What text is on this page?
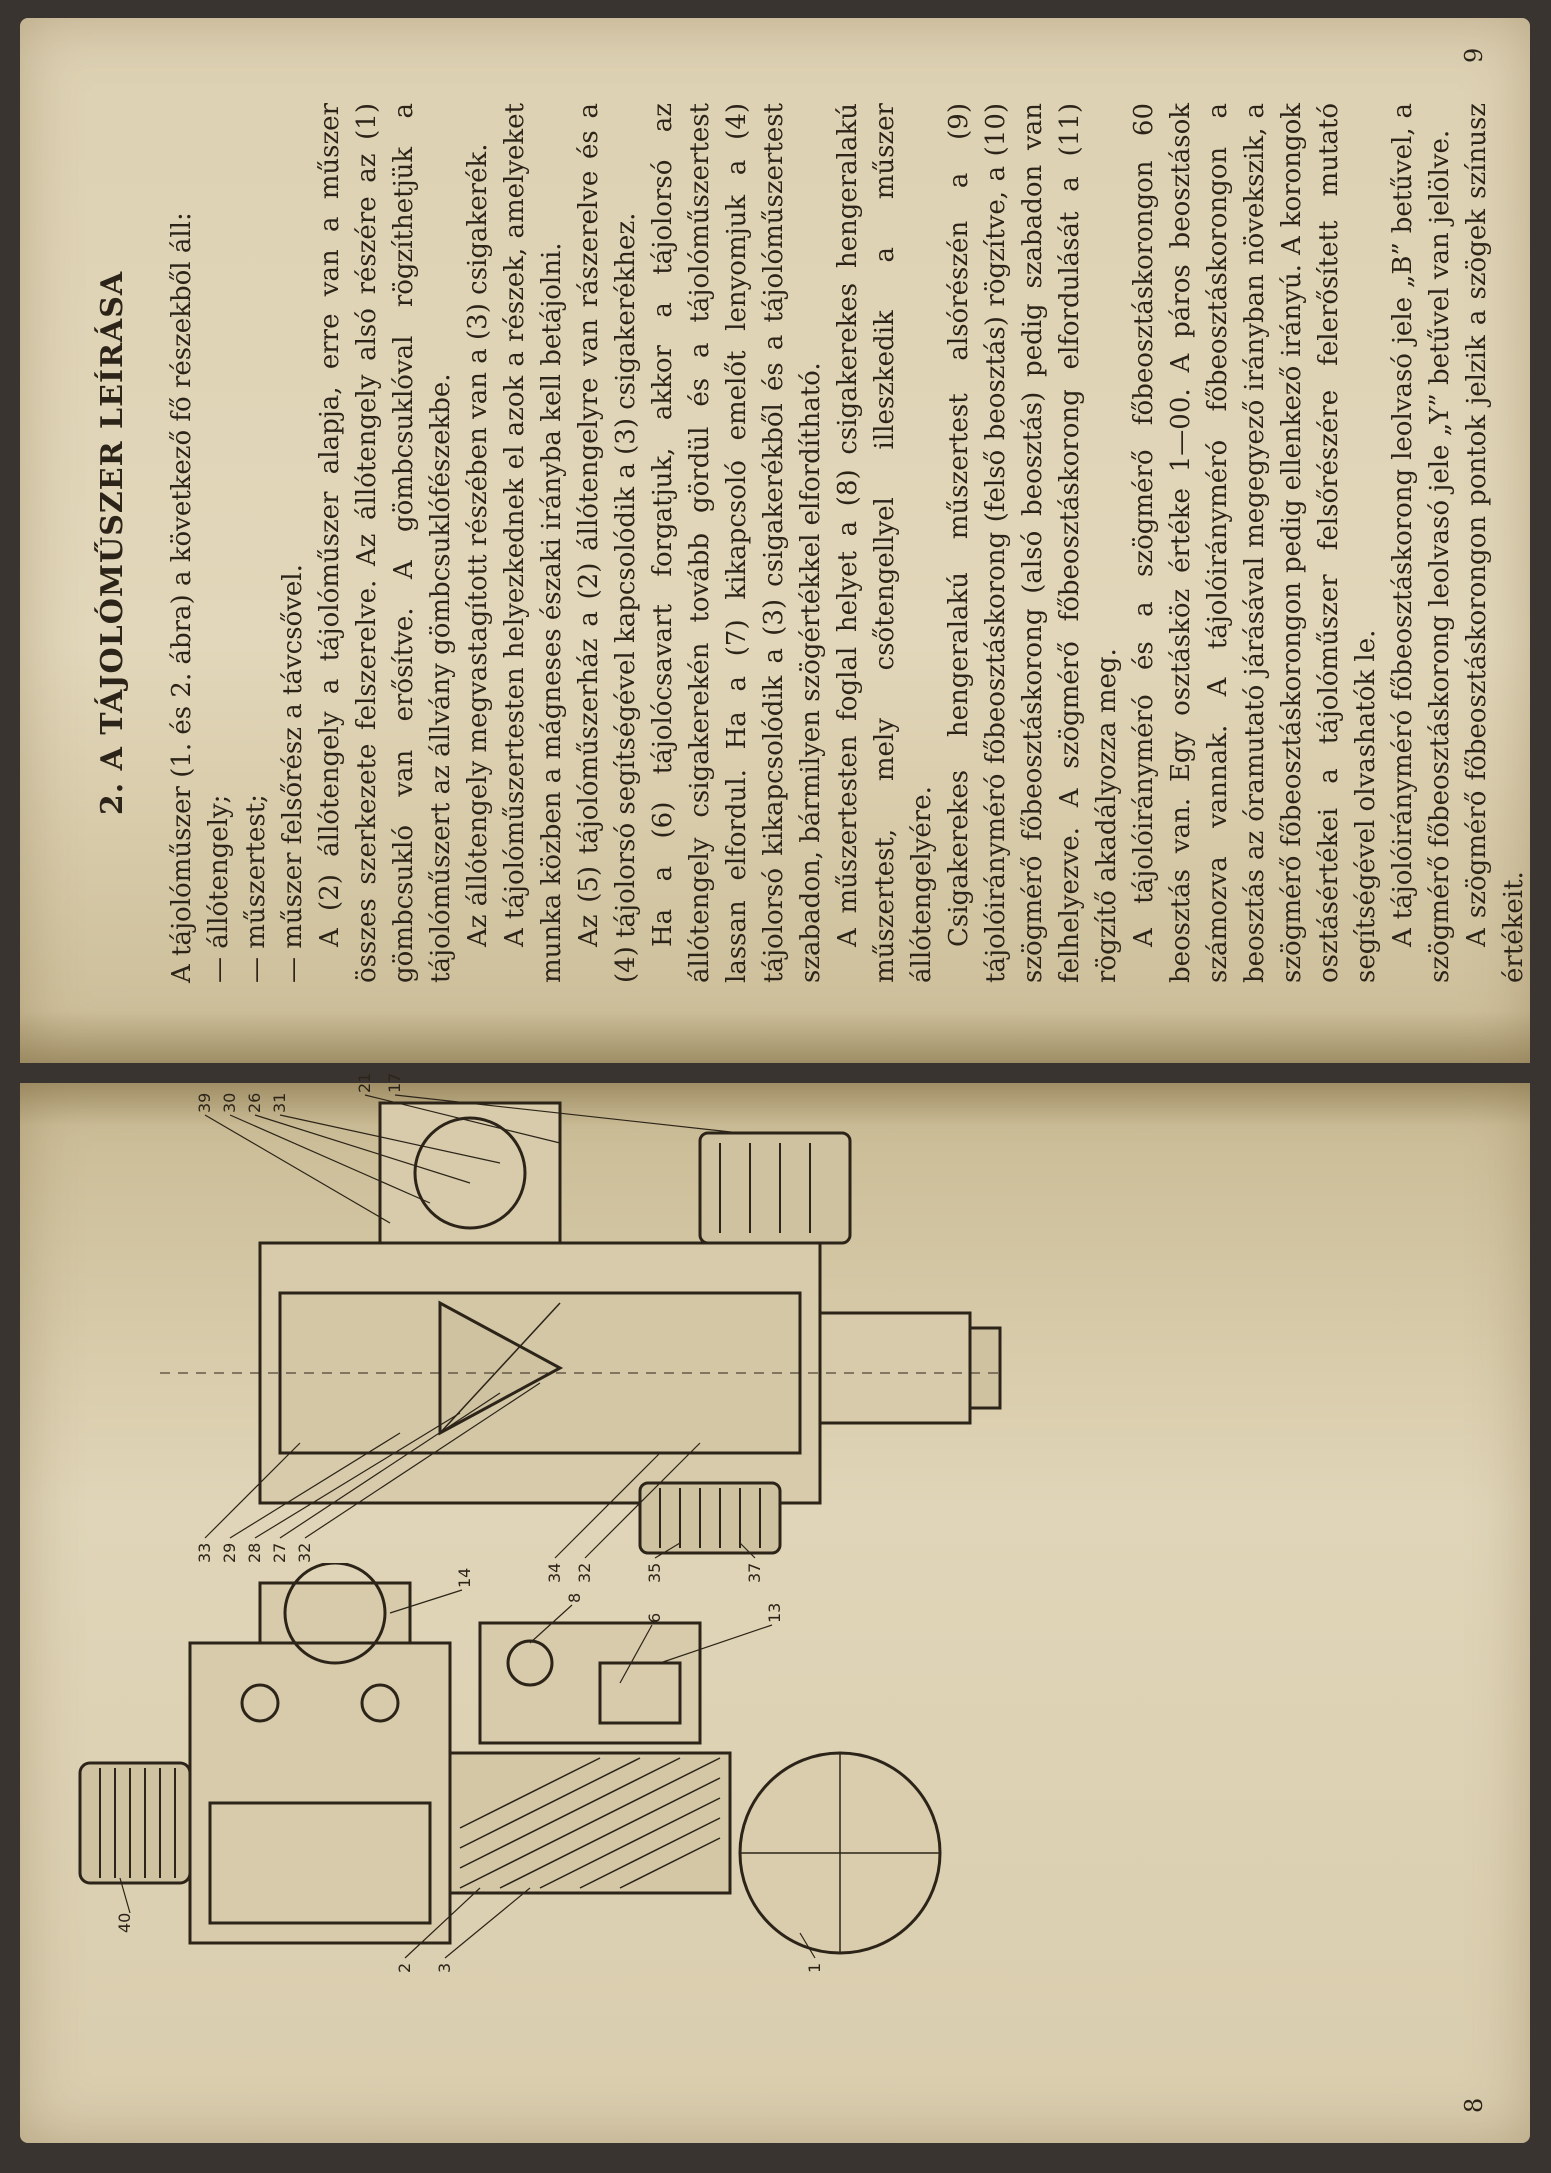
40
2 3	1
13
6
8
14
33 29 28 27 32
39 30 26 31
21 17
34 32	35	37
8
2. A TÁJOLÓMŰSZER LEÍRÁSA A tájolóműszer (1. és 2. ábra) a következő fő részekből áll: — állótengely; — műszertest; — műszer felsőrész a távcsővel. A (2) állótengely a tájolóműszer alapja, erre van a műszer összes szerkezete felszerelve. Az állótengely alsó részére az (1) gömbcsukló van erősítve. A gömbcsuklóval rögzíthetjük a tájolóműszert az állvány gömbcsuklófészekbe. Az állótengely megvastagított részében van a (3) csigakerék. A tájolóműszertesten helyezkednek el azok a részek, amelyeket munka közben a mágneses északi irányba kell betájolni. Az (5) tájolóműszerház a (2) állótengelyre van rászerelve és a (4) tájolorsó segítségével kapcsolódik a (3) csigakerékhez. Ha a (6) tájolócsavart forgatjuk, akkor a tájolorsó az állótengely csigakerekén tovább gördül és a tájolóműszertest lassan elfordul. Ha a (7) kikapcsoló emelőt lenyomjuk a (4) tájolorsó kikapcsolódik a (3) csigakerékből és a tájolóműszertest szabadon, bármilyen szögértékkel elfordítható. A műszertesten foglal helyet a (8) csigakerekes hengeralakú műszertest, mely csőtengellyel illeszkedik a műszer állótengelyére. Csigakerekes hengeralakú műszertest alsórészén a (9) tájolóirányméró főbeosztáskorong (felső beosztás) rögzítve, a (10) szögmérő főbeosztáskorong (alsó beosztás) pedig szabadon van felhelyezve. A szögmérő főbeosztáskorong elfordulását a (11) rögzítő akadályozza meg. A tájolóirányméró és a szögmérő főbeosztáskorongon 60 beosztás van. Egy osztásköz értéke 1—00. A páros beosztások számozva vannak. A tájolóirányméró főbeosztáskorongon a beosztás az óramutató járásával megegyező irányban növekszik, a szögmérő főbeosztáskorongon pedig ellenkező irányú. A korongok osztásértékei a tájolóműszer felsőrészére felerősített mutató segítségével olvashatók le. A tájolóirányméró főbeosztáskorong leolvasó jele „B” betűvel, a szögmérő főbeosztáskorong leolvasó jele „Y” betűvel van jelölve. A szögmérő főbeosztáskorongon pontok jelzik a szögek színusz értékeit.

9
